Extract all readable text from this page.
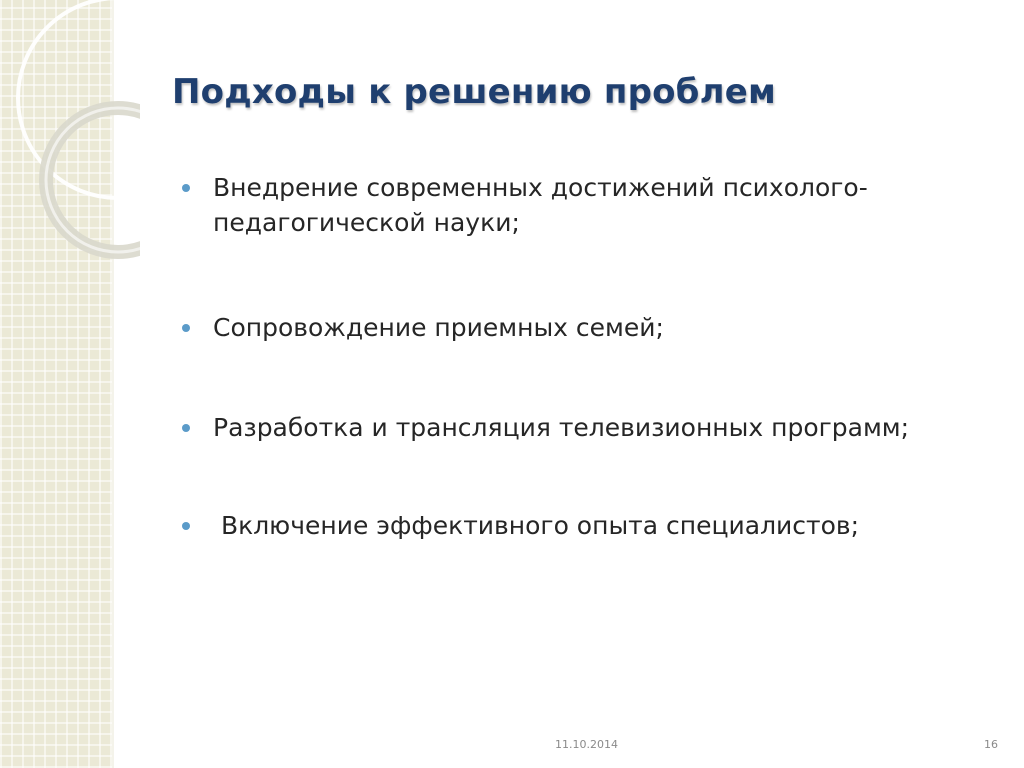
Подходы к решению проблем
Внедрение современных достижений психолого-педагогической науки;
Сопровождение приемных семей;
Разработка и трансляция телевизионных программ;
Включение эффективного опыта специалистов;
11.10.2014	16
